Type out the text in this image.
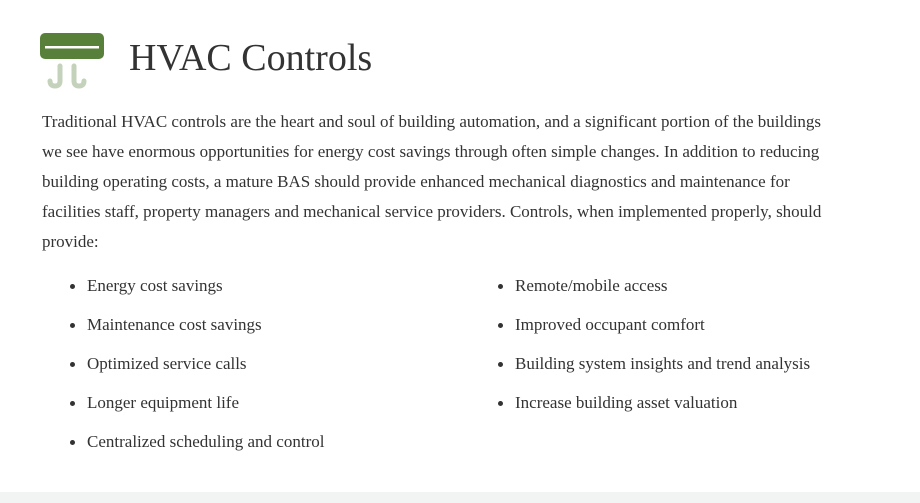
HVAC Controls

Traditional HVAC controls are the heart and soul of building automation, and a significant portion of the buildings we see have enormous opportunities for energy cost savings through often simple changes. In addition to reducing building operating costs, a mature BAS should provide enhanced mechanical diagnostics and maintenance for facilities staff, property managers and mechanical service providers. Controls, when implemented properly, should provide:

Energy cost savings
Maintenance cost savings
Optimized service calls
Longer equipment life
Centralized scheduling and control
Remote/mobile access
Improved occupant comfort
Building system insights and trend analysis
Increase building asset valuation
